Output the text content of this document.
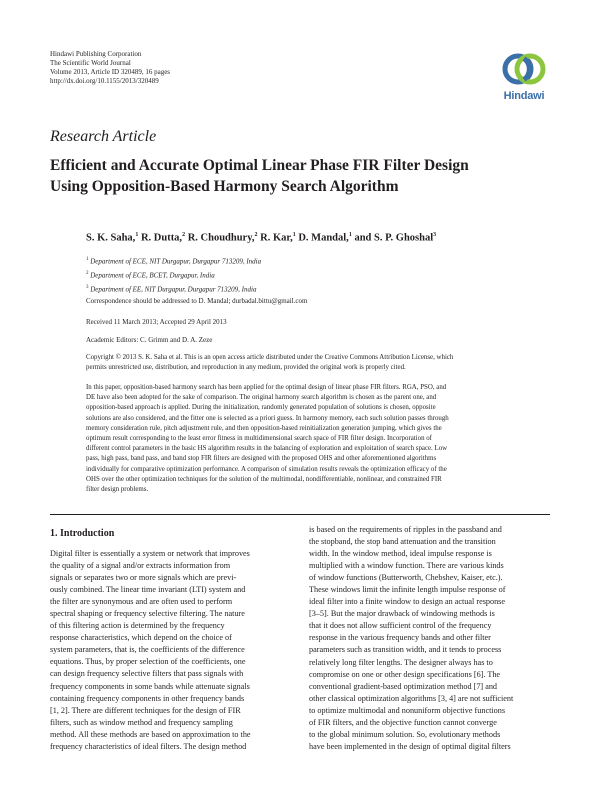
Hindawi Publishing Corporation
The Scientific World Journal
Volume 2013, Article ID 320489, 16 pages
http://dx.doi.org/10.1155/2013/320489
Hindawi
Research Article
Efficient and Accurate Optimal Linear Phase FIR Filter Design
Using Opposition-Based Harmony Search Algorithm
S. K. Saha,$^1$ R. Dutta,$^2$ R. Choudhury,$^2$ R. Kar,$^1$ D. Mandal,$^1$ and S. P. Ghoshal$^3$
$^1$ Department of ECE, NIT Durgapur, Durgapur 713209, India
$^2$ Department of ECE, BCET, Durgapur, India
$^3$ Department of EE, NIT Durgapur, Durgapur 713209, India
Correspondence should be addressed to D. Mandal; durbadal.bittu@gmail.com
Received 11 March 2013; Accepted 29 April 2013
Academic Editors: C. Grimm and D. A. Zeze
Copyright © 2013 S. K. Saha et al. This is an open access article distributed under the Creative Commons Attribution License, which
permits unrestricted use, distribution, and reproduction in any medium, provided the original work is properly cited.
In this paper, opposition-based harmony search has been applied for the optimal design of linear phase FIR filters. RGA, PSO, and
DE have also been adopted for the sake of comparison. The original harmony search algorithm is chosen as the parent one, and
opposition-based approach is applied. During the initialization, randomly generated population of solutions is chosen, opposite
solutions are also considered, and the fitter one is selected as a priori guess. In harmony memory, each such solution passes through
memory consideration rule, pitch adjustment rule, and then opposition-based reinitialization generation jumping, which gives the
optimum result corresponding to the least error fitness in multidimensional search space of FIR filter design. Incorporation of
different control parameters in the basic HS algorithm results in the balancing of exploration and exploitation of search space. Low
pass, high pass, band pass, and band stop FIR filters are designed with the proposed OHS and other aforementioned algorithms
individually for comparative optimization performance. A comparison of simulation results reveals the optimization efficacy of the
OHS over the other optimization techniques for the solution of the multimodal, nondifferentiable, nonlinear, and constrained FIR
filter design problems.
1. Introduction
Digital filter is essentially a system or network that improves
the quality of a signal and/or extracts information from
signals or separates two or more signals which are previ-
ously combined. The linear time invariant (LTI) system and
the filter are synonymous and are often used to perform
spectral shaping or frequency selective filtering. The nature
of this filtering action is determined by the frequency
response characteristics, which depend on the choice of
system parameters, that is, the coefficients of the difference
equations. Thus, by proper selection of the coefficients, one
can design frequency selective filters that pass signals with
frequency components in some bands while attenuate signals
containing frequency components in other frequency bands
[1, 2]. There are different techniques for the design of FIR
filters, such as window method and frequency sampling
method. All these methods are based on approximation to the
frequency characteristics of ideal filters. The design method
is based on the requirements of ripples in the passband and
the stopband, the stop band attenuation and the transition
width. In the window method, ideal impulse response is
multiplied with a window function. There are various kinds
of window functions (Butterworth, Chebshev, Kaiser, etc.).
These windows limit the infinite length impulse response of
ideal filter into a finite window to design an actual response
[3–5]. But the major drawback of windowing methods is
that it does not allow sufficient control of the frequency
response in the various frequency bands and other filter
parameters such as transition width, and it tends to process
relatively long filter lengths. The designer always has to
compromise on one or other design specifications [6]. The
conventional gradient-based optimization method [7] and
other classical optimization algorithms [3, 4] are not sufficient
to optimize multimodal and nonuniform objective functions
of FIR filters, and the objective function cannot converge
to the global minimum solution. So, evolutionary methods
have been implemented in the design of optimal digital filters
